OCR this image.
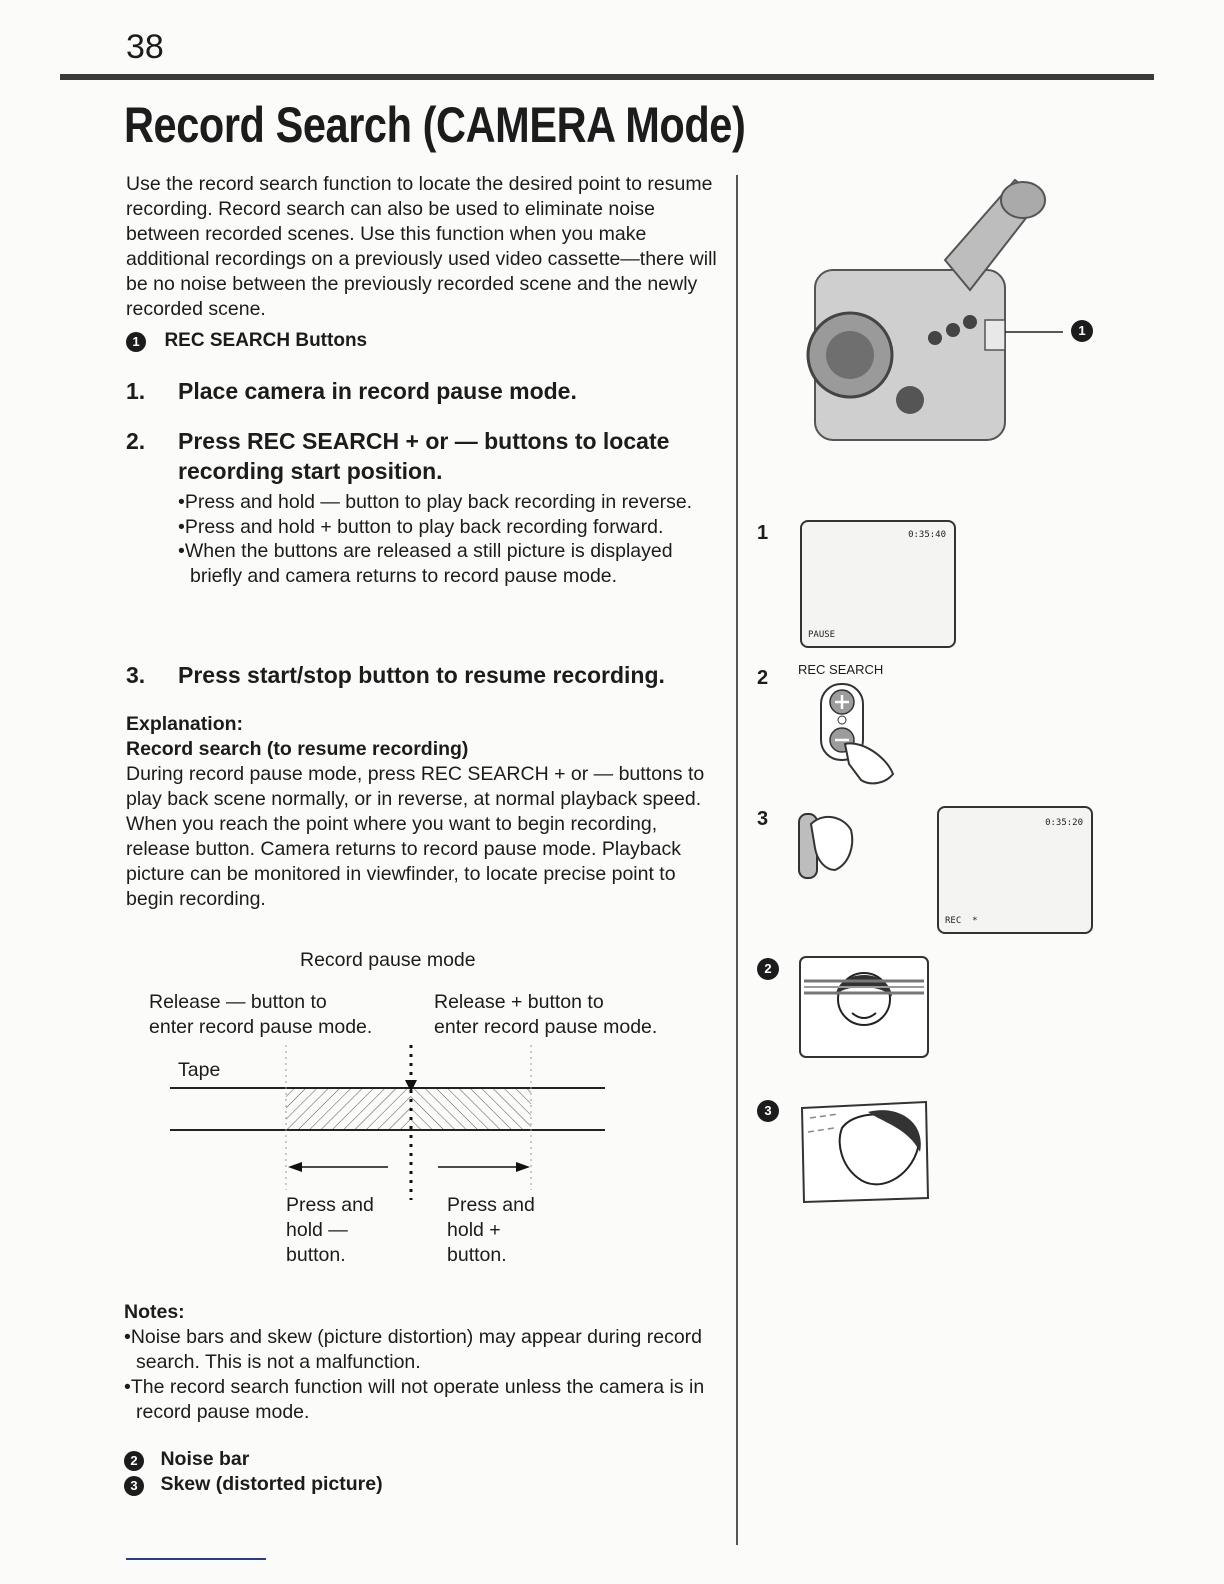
38
Record Search (CAMERA Mode)
Use the record search function to locate the desired point to resume recording. Record search can also be used to eliminate noise between recorded scenes. Use this function when you make additional recordings on a previously used video cassette—there will be no noise between the previously recorded scene and the newly recorded scene.
1 REC SEARCH Buttons
1. Place camera in record pause mode.
2. Press REC SEARCH + or — buttons to locate recording start position.
•Press and hold — button to play back recording in reverse.
•Press and hold + button to play back recording forward.
•When the buttons are released a still picture is displayed briefly and camera returns to record pause mode.
3. Press start/stop button to resume recording.
Explanation:
Record search (to resume recording)
During record pause mode, press REC SEARCH + or — buttons to play back scene normally, or in reverse, at normal playback speed. When you reach the point where you want to begin recording, release button. Camera returns to record pause mode. Playback picture can be monitored in viewfinder, to locate precise point to begin recording.
Record pause mode
Release — button to
enter record pause mode.
Release + button to
enter record pause mode.
Tape
Press and
hold —
button.
Press and
hold +
button.
Notes:
•Noise bars and skew (picture distortion) may appear during record search. This is not a malfunction.
•The record search function will not operate unless the camera is in record pause mode.
2 Noise bar
3 Skew (distorted picture)
1
1	0:35:40
PAUSE
2 REC SEARCH
3	0:35:20
REC *
2
3
